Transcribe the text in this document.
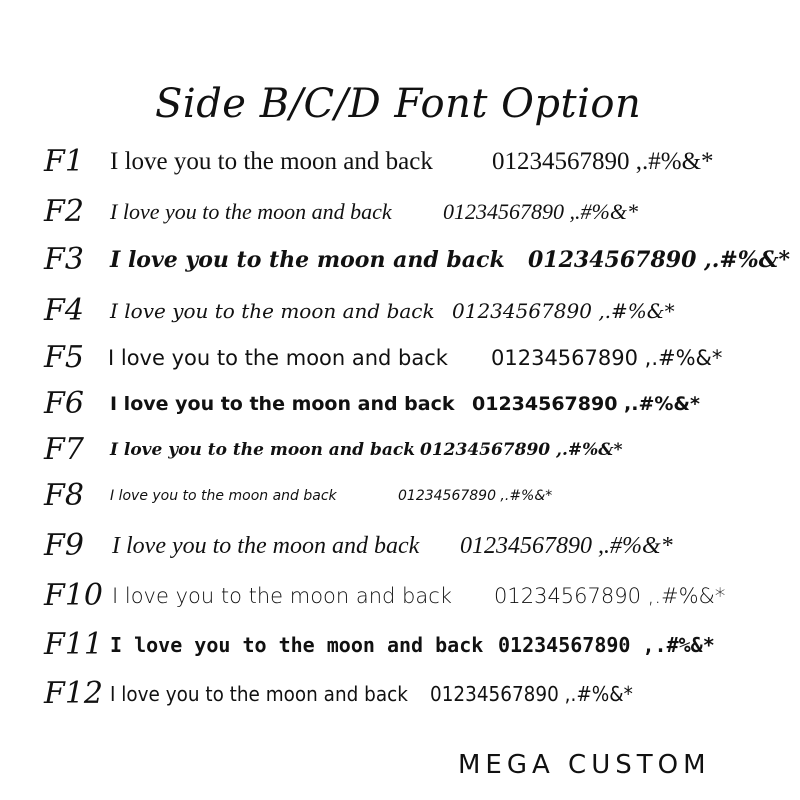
Side B/C/D Font Option
F1 I love you to the moon and back 01234567890 ,.#%&*
F2 I love you to the moon and back 01234567890 ,.#%&*
F3 I love you to the moon and back 01234567890 ,.#%&*
F4 I love you to the moon and back 01234567890 ,.#%&*
F5 I love you to the moon and back 01234567890 ,.#%&*
F6 I love you to the moon and back 01234567890 ,.#%&*
F7 I love you to the moon and back 01234567890 ,.#%&*
F8 I love you to the moon and back	01234567890 ,.#%&*
F9 I love you to the moon and back 01234567890 ,.#%&*
F10 I love you to the moon and back 01234567890 ,.#%&*
F11 I love you to the moon and back 01234567890 ,.#%&*
F12 I love you to the moon and back 01234567890 ,.#%&*
MEGA CUSTOM
